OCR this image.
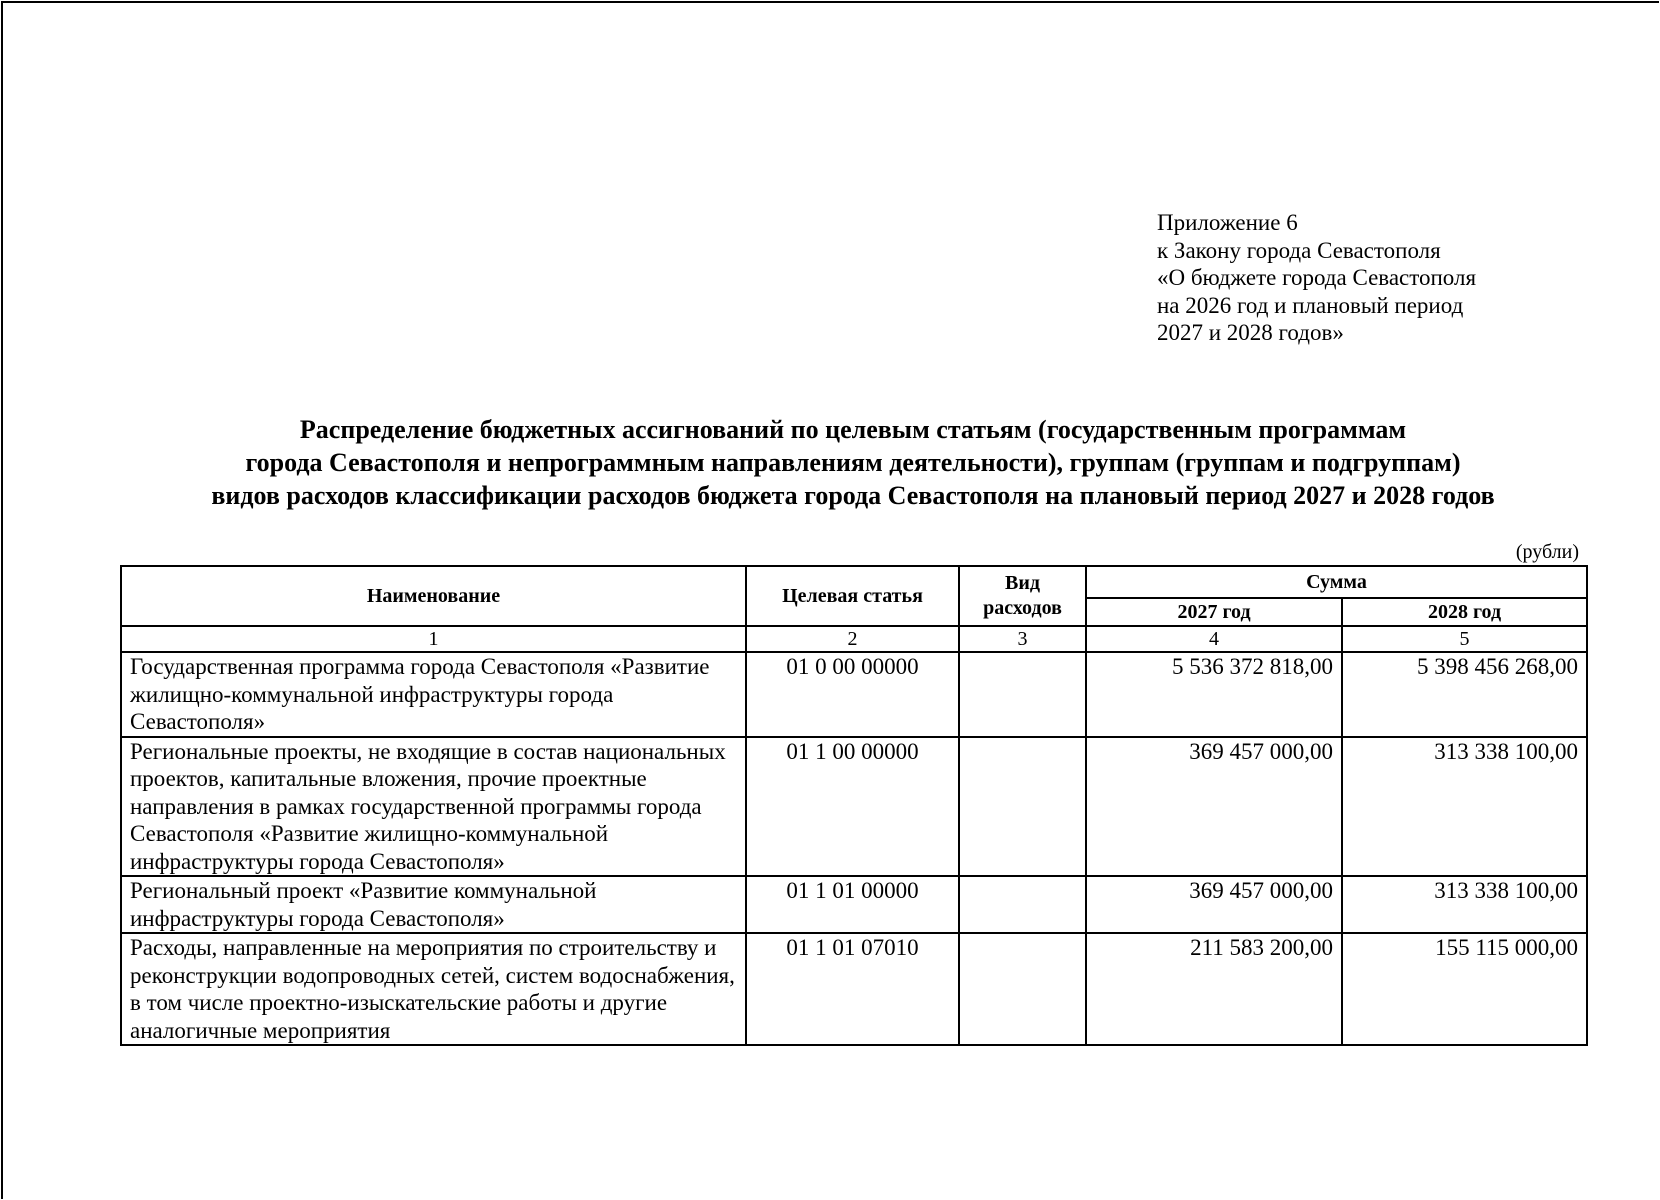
Приложение 6
к Закону города Севастополя
«О бюджете города Севастополя
на 2026 год и плановый период
2027 и 2028 годов»
Распределение бюджетных ассигнований по целевым статьям (государственным программам
города Севастополя и непрограммным направлениям деятельности), группам (группам и подгруппам)
видов расходов классификации расходов бюджета города Севастополя на плановый период 2027 и 2028 годов
(рубли)
Наименование	Целевая статья	Вид расходов	Сумма	
			2027 год	2028 год
1	2	3	4	5
Государственная программа города Севастополя «Развитие жилищно-коммунальной инфраструктуры города Севастополя»	01 0 00 00000		5 536 372 818,00	5 398 456 268,00
Региональные проекты, не входящие в состав национальных проектов, капитальные вложения, прочие проектные направления в рамках государственной программы города Севастополя «Развитие жилищно-коммунальной инфраструктуры города Севастополя»	01 1 00 00000		369 457 000,00	313 338 100,00
Региональный проект «Развитие коммунальной инфраструктуры города Севастополя»	01 1 01 00000		369 457 000,00	313 338 100,00
Расходы, направленные на мероприятия по строительству и реконструкции водопроводных сетей, систем водоснабжения, в том числе проектно-изыскательские работы и другие аналогичные мероприятия	01 1 01 07010		211 583 200,00	155 115 000,00
